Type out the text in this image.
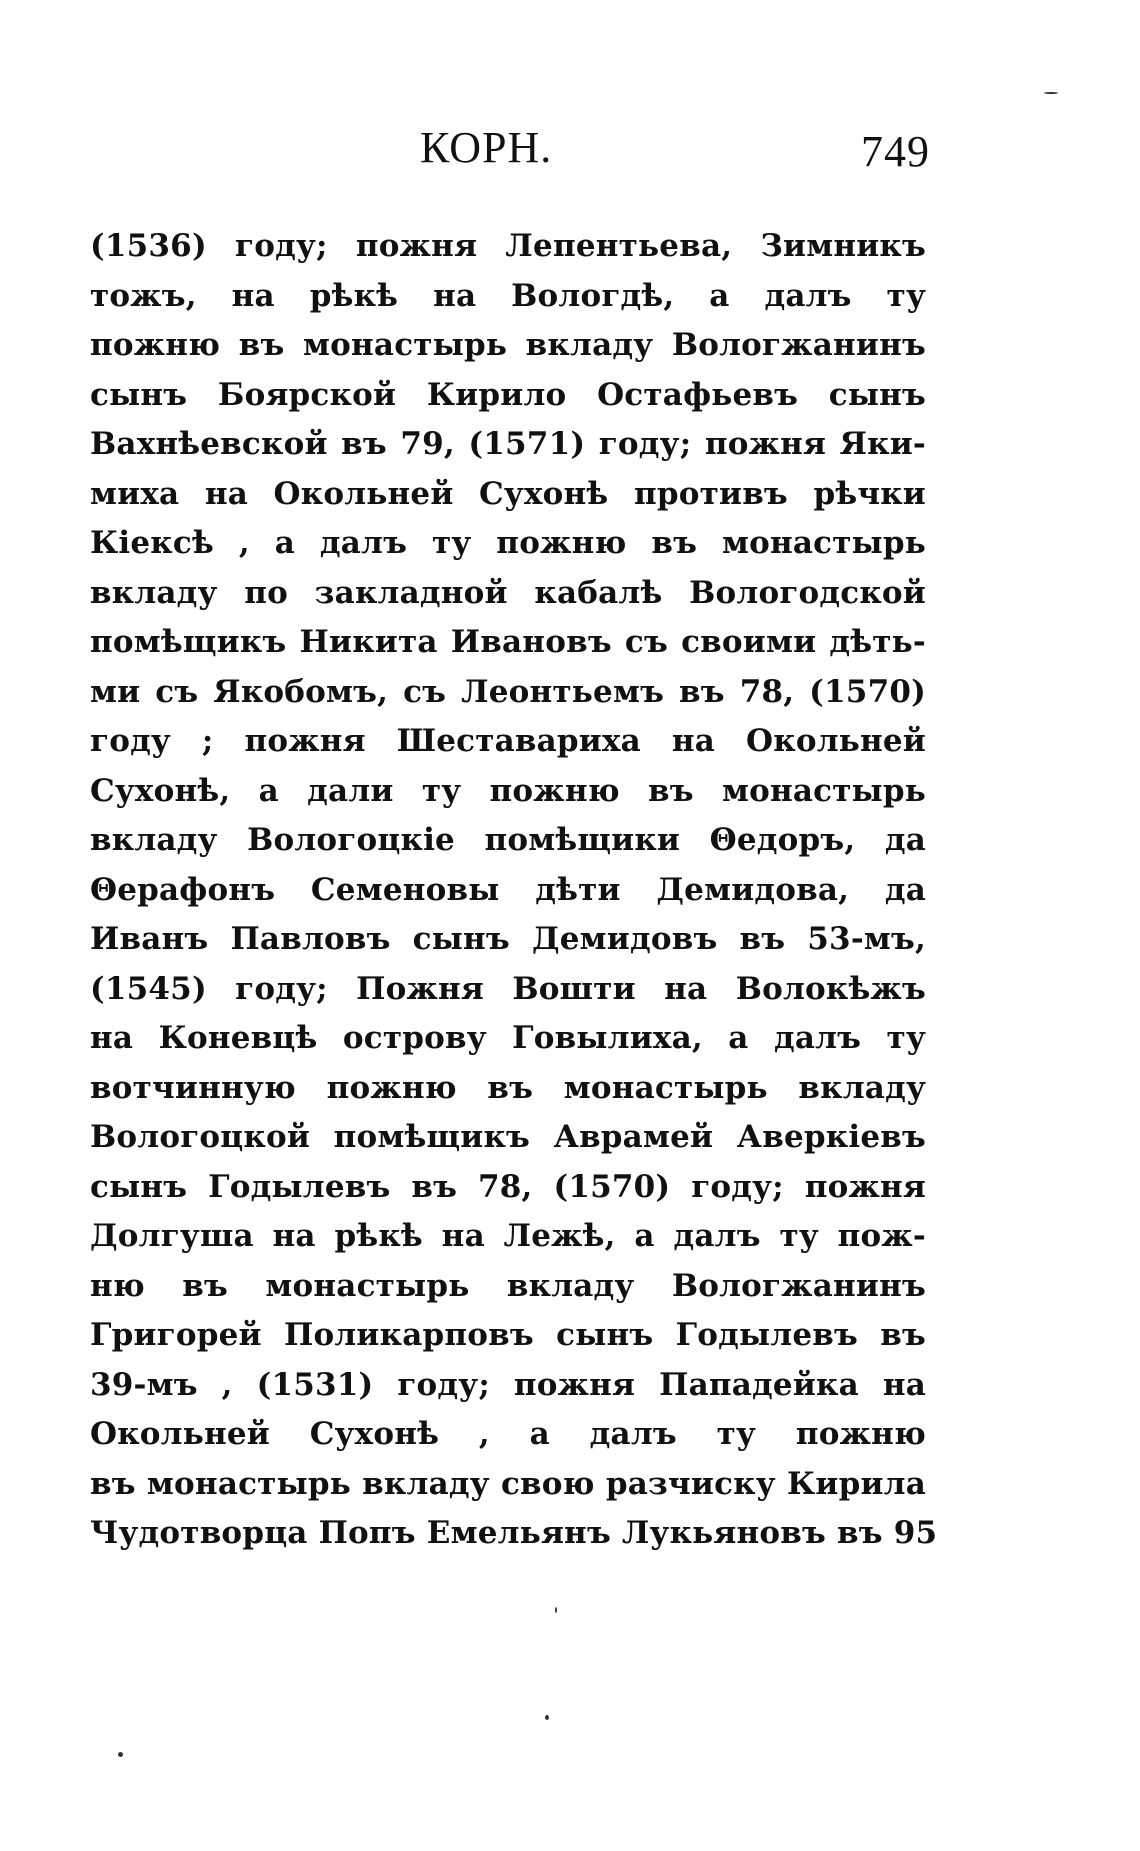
КОРН.	749
(1536) году; пожня Лепентьева, Зимникъ
тожъ, на рѣкѣ на Вологдѣ, а далъ ту
пожню въ монастырь вкладу Вологжанинъ
сынъ Боярской Кирило Остафьевъ сынъ
Вахнѣевской въ 79, (1571) году; пожня Яки-
миха на Окольней Сухонѣ противъ рѣчки
Кіексѣ , а далъ ту пожню въ монастырь
вкладу по закладной кабалѣ Вологодской
помѣщикъ Никита Ивановъ съ своими дѣть-
ми съ Якобомъ, съ Леонтьемъ въ 78, (1570)
году ; пожня Шеставариха на Окольней
Сухонѣ, а дали ту пожню въ монастырь
вкладу Вологоцкіе помѣщики Θедоръ, да
Θерафонъ Семеновы дѣти Демидова, да
Иванъ Павловъ сынъ Демидовъ въ 53-мъ,
(1545) году; Пожня Вошти на Волокѣжъ
на Коневцѣ острову Говылиха, а далъ ту
вотчинную пожню въ монастырь вкладу
Вологоцкой помѣщикъ Аврамей Аверкіевъ
сынъ Годылевъ въ 78, (1570) году; пожня
Долгуша на рѣкѣ на Лежѣ, а далъ ту пож-
ню въ монастырь вкладу Вологжанинъ
Григорей Поликарповъ сынъ Годылевъ въ
39-мъ , (1531) году; пожня Пападейка на
Окольней Сухонѣ , а далъ ту пожню
въ монастырь вкладу свою разчиску Кирила
Чудотворца Попъ Емельянъ Лукьяновъ въ 95
